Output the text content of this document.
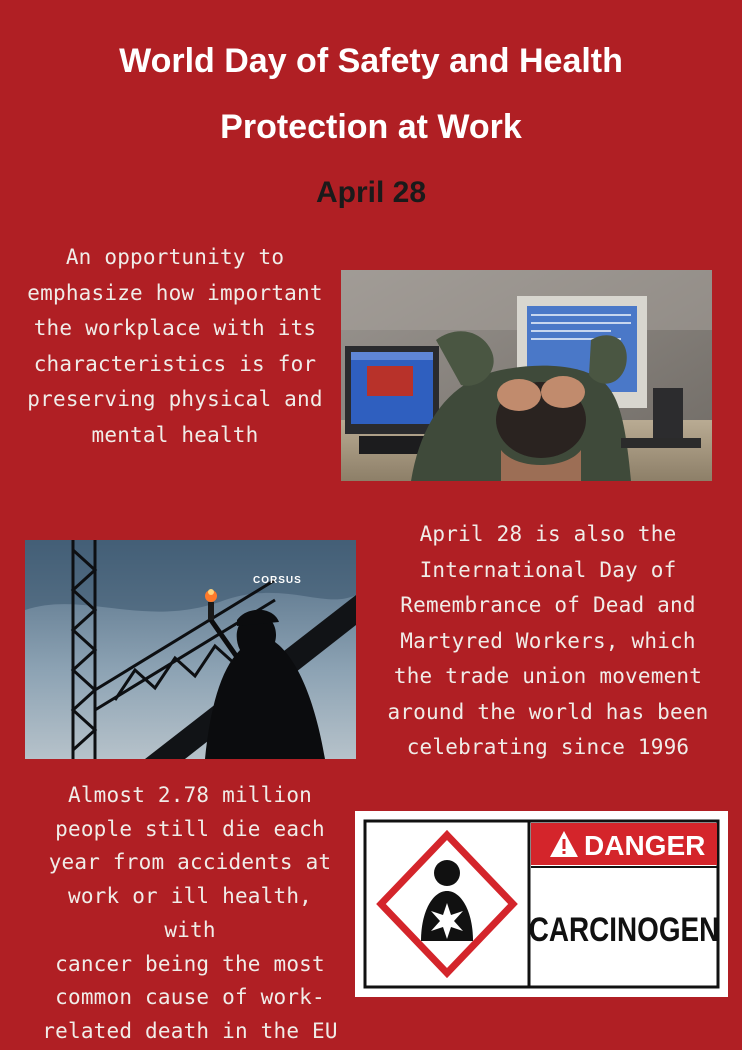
World Day of Safety and Health
Protection at Work
April 28
An opportunity to
emphasize how important
the workplace with its
characteristics is for
preserving physical and
mental health
CORSUS
April 28 is also the
International Day of
Remembrance of Dead and
Martyred Workers, which
the trade union movement
around the world has been
celebrating since 1996
Almost 2.78 million
people still die each
year from accidents at
work or ill health, with
cancer being the most
common cause of work-
related death in the EU
DANGER
CARCINOGEN
